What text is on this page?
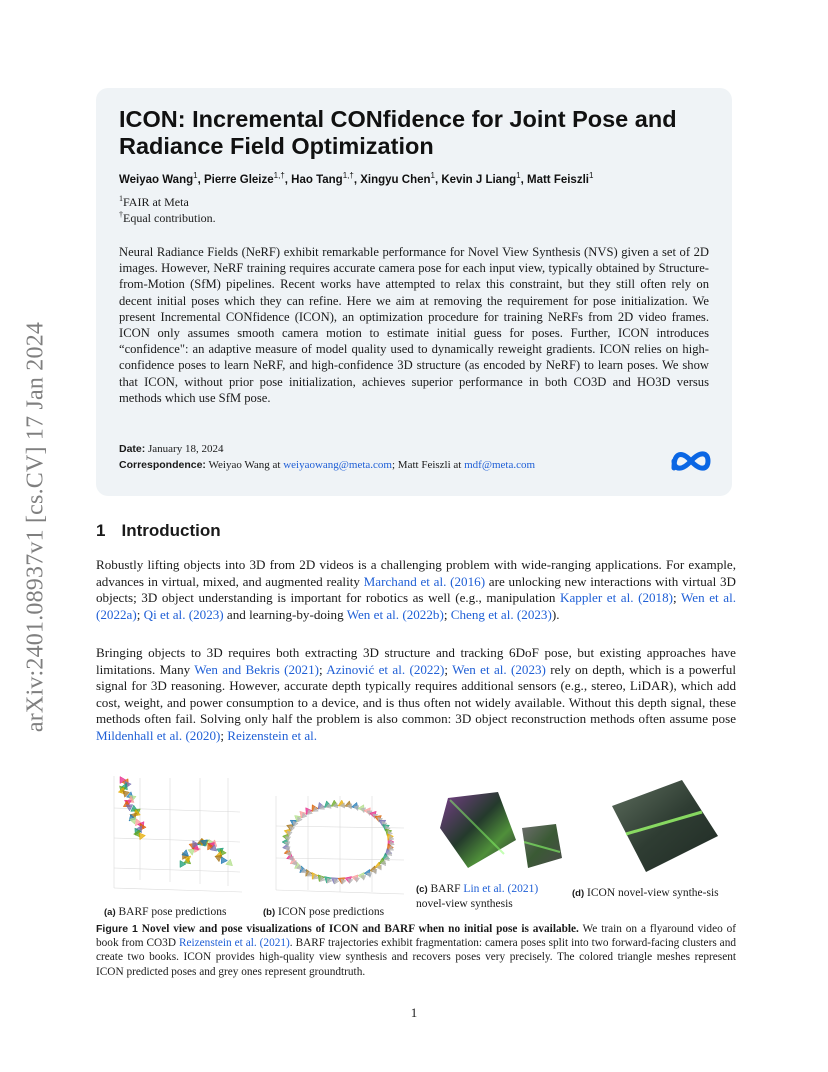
arXiv:2401.08937v1 [cs.CV] 17 Jan 2024
ICON: Incremental CONfidence for Joint Pose and Radiance Field Optimization
Weiyao Wang$^1$, Pierre Gleize$^{1,\dagger}$, Hao Tang$^{1,\dagger}$, Xingyu Chen$^1$, Kevin J Liang$^1$, Matt Feiszli$^1$
$^1$FAIR at Meta
†Equal contribution.
Neural Radiance Fields (NeRF) exhibit remarkable performance for Novel View Synthesis (NVS) given a set of 2D images. However, NeRF training requires accurate camera pose for each input view, typically obtained by Structure-from-Motion (SfM) pipelines. Recent works have attempted to relax this constraint, but they still often rely on decent initial poses which they can refine. Here we aim at removing the requirement for pose initialization. We present Incremental CONfidence (ICON), an optimization procedure for training NeRFs from 2D video frames. ICON only assumes smooth camera motion to estimate initial guess for poses. Further, ICON introduces “confidence": an adaptive measure of model quality used to dynamically reweight gradients. ICON relies on high-confidence poses to learn NeRF, and high-confidence 3D structure (as encoded by NeRF) to learn poses. We show that ICON, without prior pose initialization, achieves superior performance in both CO3D and HO3D versus methods which use SfM pose.
Date: January 18, 2024
Correspondence: Weiyao Wang at weiyaowang@meta.com; Matt Feiszli at mdf@meta.com
1 Introduction

Robustly lifting objects into 3D from 2D videos is a challenging problem with wide-ranging applications. For example, advances in virtual, mixed, and augmented reality Marchand et al. (2016) are unlocking new interactions with virtual 3D objects; 3D object understanding is important for robotics as well (e.g., manipulation Kappler et al. (2018); Wen et al. (2022a); Qi et al. (2023) and learning-by-doing Wen et al. (2022b); Cheng et al. (2023)).

Bringing objects to 3D requires both extracting 3D structure and tracking 6DoF pose, but existing approaches have limitations. Many Wen and Bekris (2021); Azinović et al. (2022); Wen et al. (2023) rely on depth, which is a powerful signal for 3D reasoning. However, accurate depth typically requires additional sensors (e.g., stereo, LiDAR), which add cost, weight, and power consumption to a device, and is thus often not widely available. Without this depth signal, these methods often fail. Solving only half the problem is also common: 3D object reconstruction methods often assume pose Mildenhall et al. (2020); Reizenstein et al.

(a) BARF pose predictions	(b) ICON pose predictions
(c) BARF Lin et al. (2021)
novel-view synthesis
(d) ICON novel-view synthe-sis
Figure 1 Novel view and pose visualizations of ICON and BARF when no initial pose is available. We train on a flyaround video of book from CO3D Reizenstein et al. (2021). BARF trajectories exhibit fragmentation: camera poses split into two forward-facing clusters and create two books. ICON provides high-quality view synthesis and recovers poses very precisely. The colored triangle meshes represent ICON predicted poses and grey ones represent groundtruth.
1
